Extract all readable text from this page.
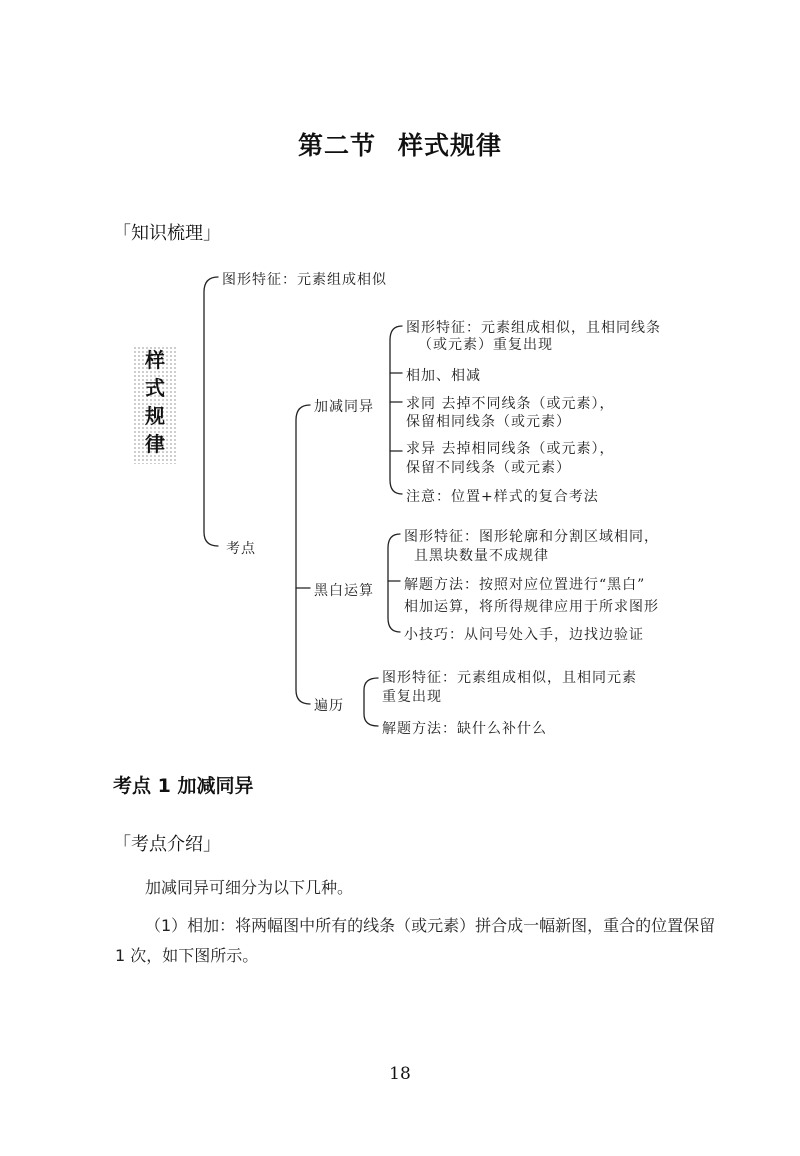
第二节 样式规律
「知识梳理」
样
式
规
律
图形特征：元素组成相似
考点
加减同异
黑白运算
遍历
图形特征：元素组成相似，且相同线条
（或元素）重复出现
相加、相减
求同 去掉不同线条（或元素），
保留相同线条（或元素）
求异 去掉相同线条（或元素），
保留不同线条（或元素）
注意：位置+样式的复合考法
图形特征：图形轮廓和分割区域相同，
且黑块数量不成规律
解题方法：按照对应位置进行“黑白”
相加运算，将所得规律应用于所求图形
小技巧：从问号处入手，边找边验证
图形特征：元素组成相似，且相同元素
重复出现
解题方法：缺什么补什么
考点 1 加减同异
「考点介绍」
加减同异可细分为以下几种。
（1）相加：将两幅图中所有的线条（或元素）拼合成一幅新图，重合的位置保留
1 次，如下图所示。
18
